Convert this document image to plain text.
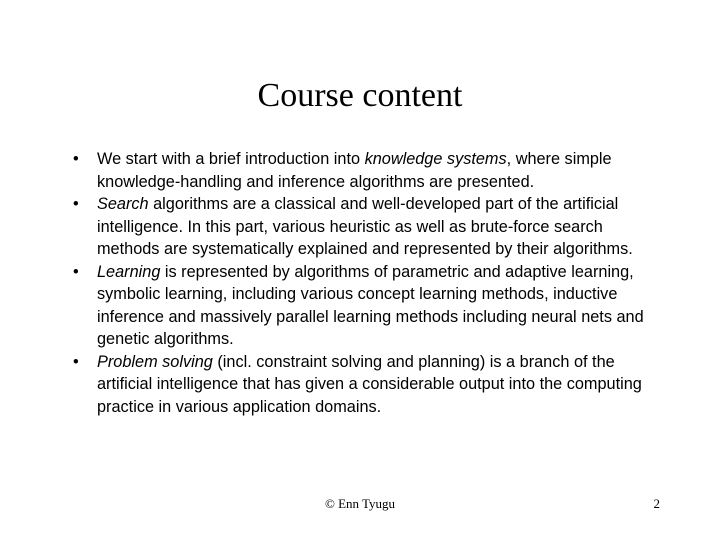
Course content
•	We start with a brief introduction into knowledge systems, where simple knowledge-handling and inference algorithms are presented.
•	Search algorithms are a classical and well-developed part of the artificial intelligence. In this part, various heuristic as well as brute-force search methods are systematically explained and represented by their algorithms.
•	Learning is represented by algorithms of parametric and adaptive learning, symbolic learning, including various concept learning methods, inductive inference and massively parallel learning methods including neural nets and genetic algorithms.
•	Problem solving (incl. constraint solving and planning) is a branch of the artificial intelligence that has given a considerable output into the computing practice in various application domains.
© Enn Tyugu	2
